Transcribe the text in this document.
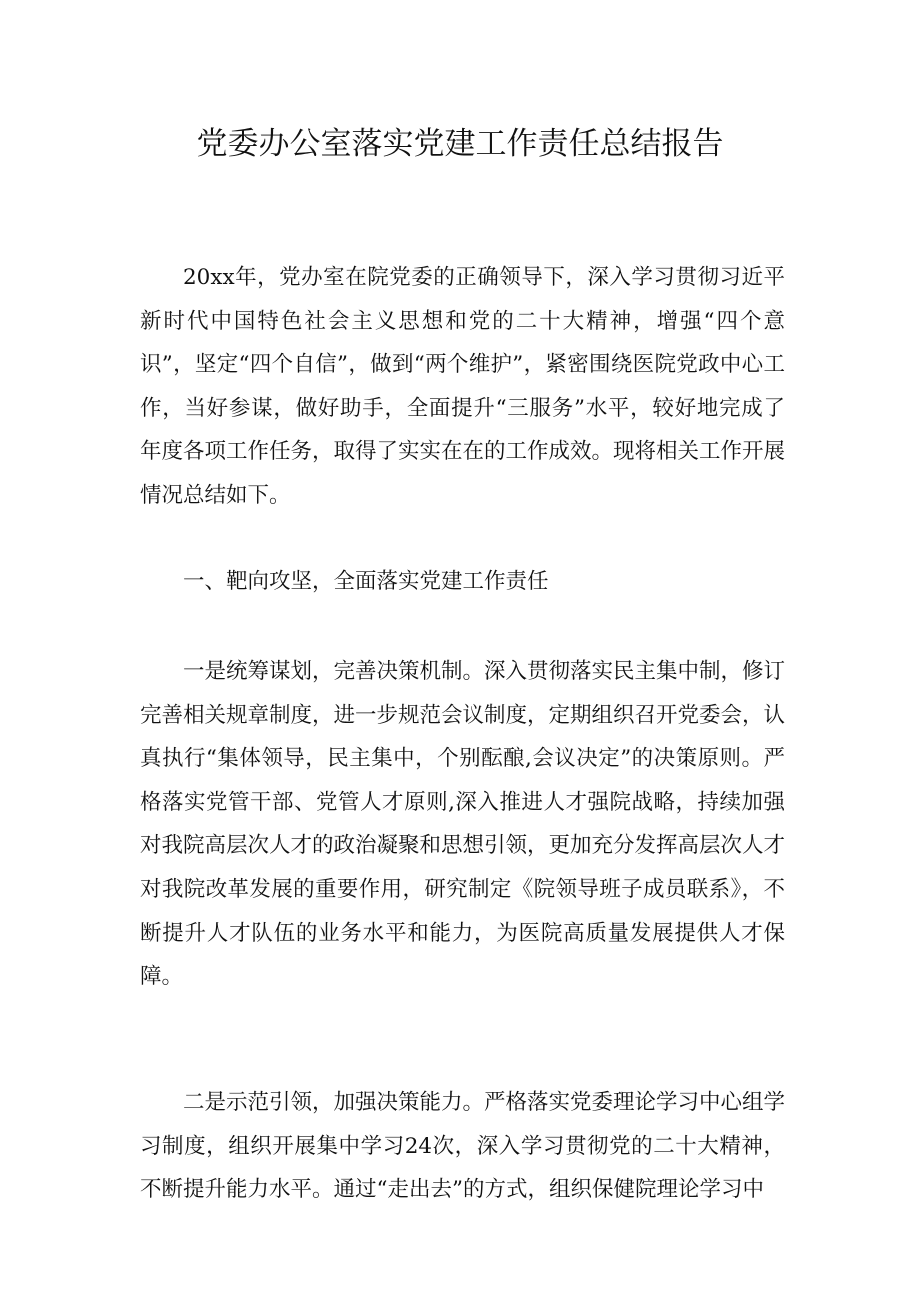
党委办公室落实党建工作责任总结报告

20xx年，党办室在院党委的正确领导下，深入学习贯彻习近平新时代中国特色社会主义思想和党的二十大精神，增强“四个意识”，坚定“四个自信”，做到“两个维护”，紧密围绕医院党政中心工作，当好参谋，做好助手，全面提升“三服务”水平，较好地完成了年度各项工作任务，取得了实实在在的工作成效。现将相关工作开展情况总结如下。

一、靶向攻坚，全面落实党建工作责任

一是统筹谋划，完善决策机制。深入贯彻落实民主集中制，修订完善相关规章制度，进一步规范会议制度，定期组织召开党委会，认真执行“集体领导，民主集中，个别酝酿,会议决定”的决策原则。严格落实党管干部、党管人才原则,深入推进人才强院战略，持续加强对我院高层次人才的政治凝聚和思想引领，更加充分发挥高层次人才对我院改革发展的重要作用，研究制定《院领导班子成员联系》，不断提升人才队伍的业务水平和能力，为医院高质量发展提供人才保障。

二是示范引领，加强决策能力。严格落实党委理论学习中心组学习制度，组织开展集中学习24次，深入学习贯彻党的二十大精神，不断提升能力水平。通过“走出去”的方式，组织保健院理论学习中
